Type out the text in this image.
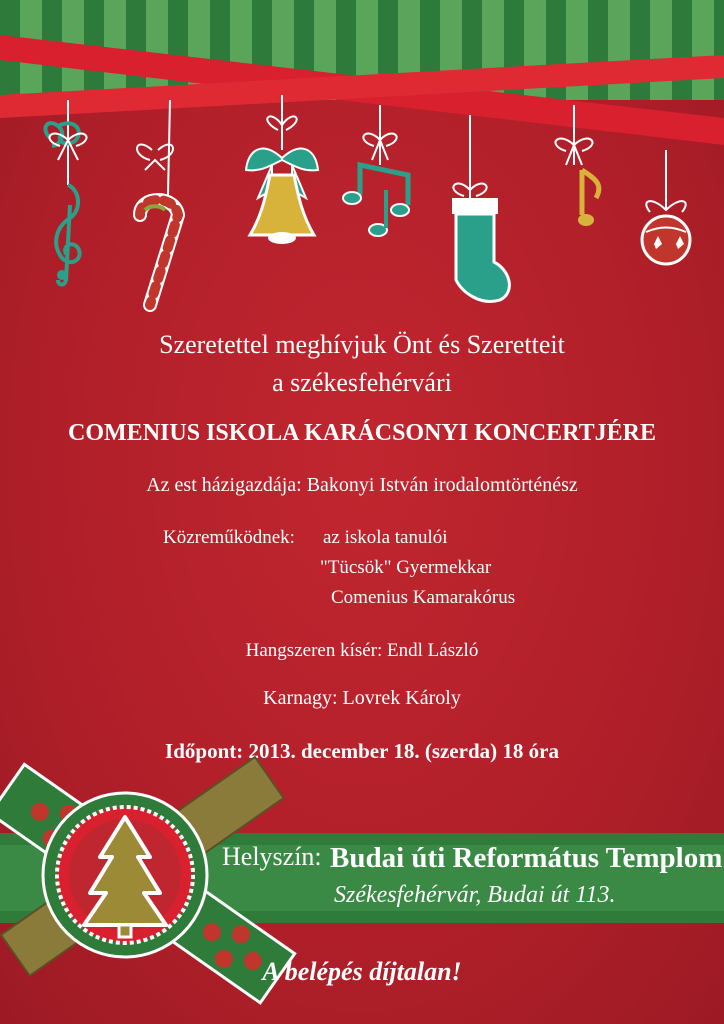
Szeretettel meghívjuk Önt és Szeretteit
a székesfehérvári
COMENIUS ISKOLA KARÁCSONYI KONCERTJÉRE
Az est házigazdája: Bakonyi István irodalomtörténész
Közreműködnek: az iskola tanulói
"Tücsök" Gyermekkar
Comenius Kamarakórus
Hangszeren kísér: Endl László
Karnagy: Lovrek Károly
Időpont: 2013. december 18. (szerda) 18 óra
Helyszín: Budai úti Református Templom
Székesfehérvár, Budai út 113.
A belépés díjtalan!
